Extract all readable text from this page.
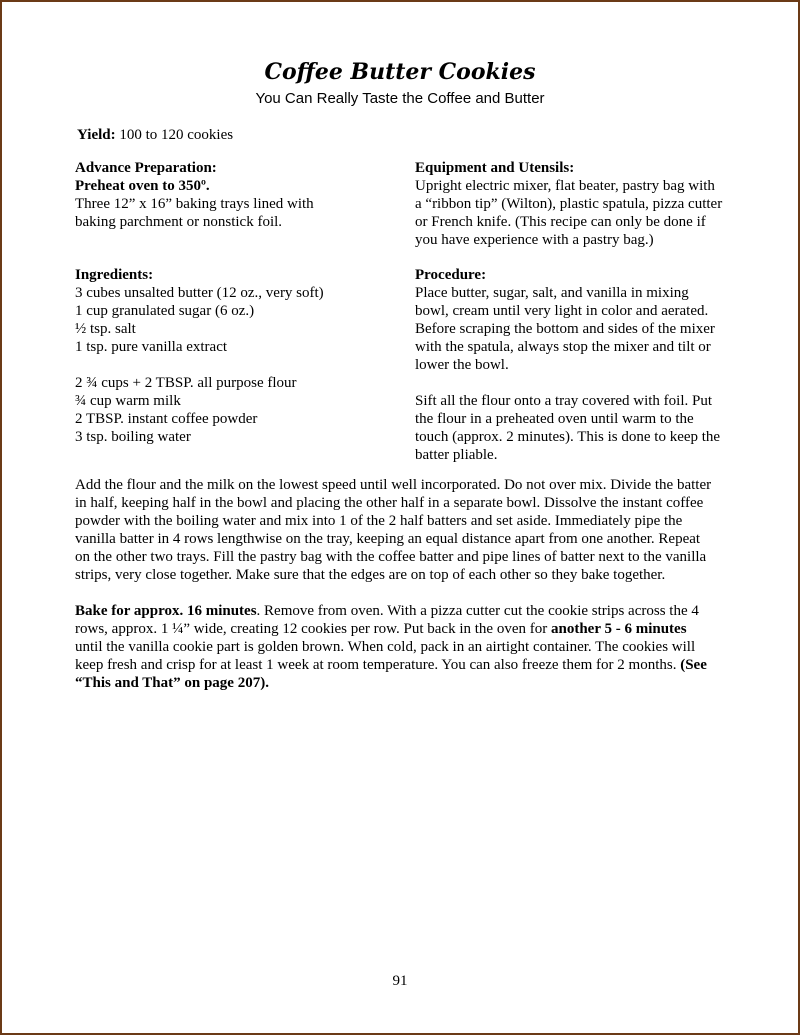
Coffee Butter Cookies
You Can Really Taste the Coffee and Butter
Yield: 100 to 120 cookies
Advance Preparation:
Preheat oven to 350º.
Three 12” x 16” baking trays lined with
baking parchment or nonstick foil.
Equipment and Utensils:
Upright electric mixer, flat beater, pastry bag with
a “ribbon tip” (Wilton), plastic spatula, pizza cutter
or French knife. (This recipe can only be done if
you have experience with a pastry bag.)
Ingredients:
3 cubes unsalted butter (12 oz., very soft)
1 cup granulated sugar (6 oz.)
½ tsp. salt
1 tsp. pure vanilla extract
2 ¾ cups + 2 TBSP. all purpose flour
¾ cup warm milk
2 TBSP. instant coffee powder
3 tsp. boiling water
Procedure:
Place butter, sugar, salt, and vanilla in mixing
bowl, cream until very light in color and aerated.
Before scraping the bottom and sides of the mixer
with the spatula, always stop the mixer and tilt or
lower the bowl.
Sift all the flour onto a tray covered with foil. Put
the flour in a preheated oven until warm to the
touch (approx. 2 minutes). This is done to keep the
batter pliable.
Add the flour and the milk on the lowest speed until well incorporated. Do not over mix. Divide the batter
in half, keeping half in the bowl and placing the other half in a separate bowl. Dissolve the instant coffee
powder with the boiling water and mix into 1 of the 2 half batters and set aside. Immediately pipe the
vanilla batter in 4 rows lengthwise on the tray, keeping an equal distance apart from one another. Repeat
on the other two trays. Fill the pastry bag with the coffee batter and pipe lines of batter next to the vanilla
strips, very close together. Make sure that the edges are on top of each other so they bake together.
Bake for approx. 16 minutes. Remove from oven. With a pizza cutter cut the cookie strips across the 4
rows, approx. 1 ¼” wide, creating 12 cookies per row. Put back in the oven for another 5 - 6 minutes
until the vanilla cookie part is golden brown. When cold, pack in an airtight container. The cookies will
keep fresh and crisp for at least 1 week at room temperature. You can also freeze them for 2 months. (See
“This and That” on page 207).
91
